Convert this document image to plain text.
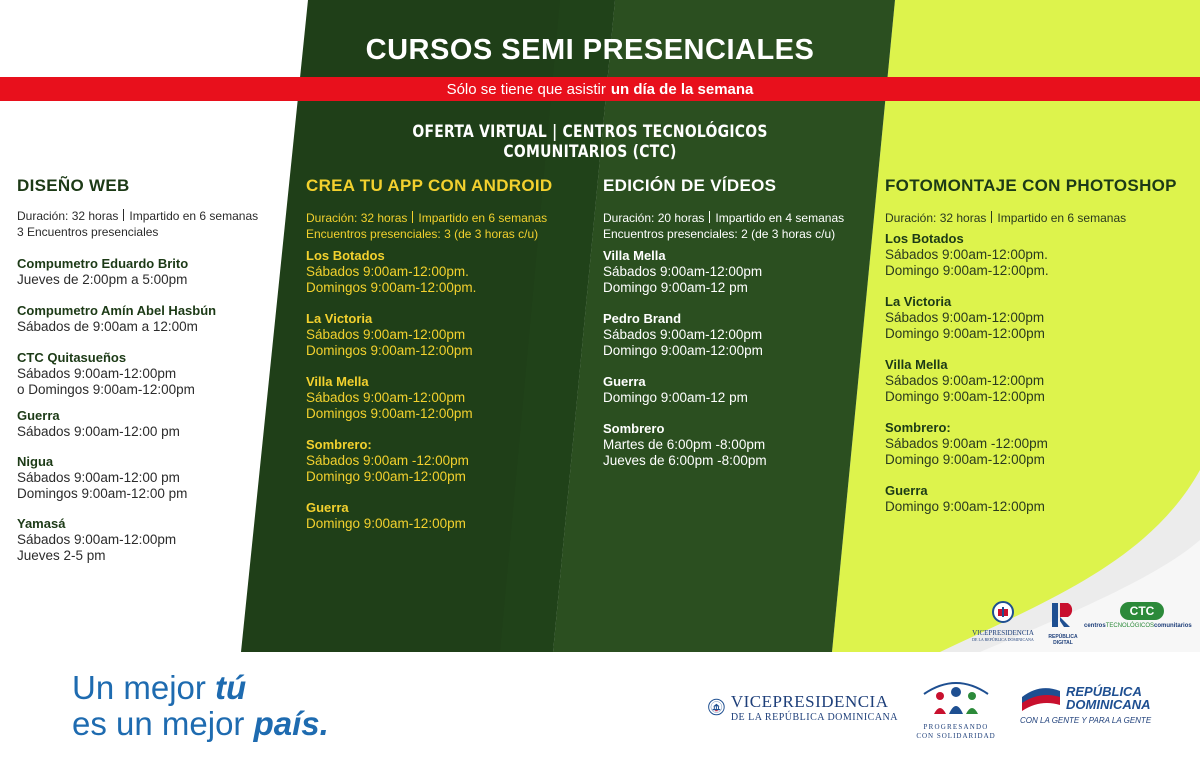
CURSOS SEMI PRESENCIALES
Sólo se tiene que asistir un día de la semana
OFERTA VIRTUAL | CENTROS TECNOLÓGICOS COMUNITARIOS (CTC)
DISEÑO WEB
Duración: 32 horas Impartido en 6 semanas
3 Encuentros presenciales
Compumetro Eduardo Brito
Jueves de 2:00pm a 5:00pm
Compumetro Amín Abel Hasbún
Sábados de 9:00am a 12:00m
CTC Quitasueños
Sábados 9:00am-12:00pm
o Domingos 9:00am-12:00pm
Guerra
Sábados 9:00am-12:00 pm
Nigua
Sábados 9:00am-12:00 pm
Domingos 9:00am-12:00 pm
Yamasá
Sábados 9:00am-12:00pm
Jueves 2-5 pm
CREA TU APP CON ANDROID
Duración: 32 horas Impartido en 6 semanas
Encuentros presenciales: 3 (de 3 horas c/u)
Los Botados
Sábados 9:00am-12:00pm.
Domingos 9:00am-12:00pm.
La Victoria
Sábados 9:00am-12:00pm
Domingos 9:00am-12:00pm
Villa Mella
Sábados 9:00am-12:00pm
Domingos 9:00am-12:00pm
Sombrero:
Sábados 9:00am -12:00pm
Domingo 9:00am-12:00pm
Guerra
Domingo 9:00am-12:00pm
EDICIÓN DE VÍDEOS
Duración: 20 horas Impartido en 4 semanas
Encuentros presenciales: 2 (de 3 horas c/u)
Villa Mella
Sábados 9:00am-12:00pm
Domingo 9:00am-12 pm
Pedro Brand
Sábados 9:00am-12:00pm
Domingo 9:00am-12:00pm
Guerra
Domingo 9:00am-12 pm
Sombrero
Martes de 6:00pm -8:00pm
Jueves de 6:00pm -8:00pm
FOTOMONTAJE CON PHOTOSHOP
Duración: 32 horas Impartido en 6 semanas
Los Botados
Sábados 9:00am-12:00pm.
Domingo 9:00am-12:00pm.
La Victoria
Sábados 9:00am-12:00pm
Domingo 9:00am-12:00pm
Villa Mella
Sábados 9:00am-12:00pm
Domingo 9:00am-12:00pm
Sombrero:
Sábados 9:00am -12:00pm
Domingo 9:00am-12:00pm
Guerra
Domingo 9:00am-12:00pm
VICEPRESIDENCIA
DE LA REPÚBLICA DOMINICANA	REPÚBLICA
DIGITAL
CTC
centrosTECNOLÓGICOScomunitarios
Un mejor tú
es un mejor país.
VICEPRESIDENCIA
DE LA REPÚBLICA DOMINICANA
PROGRESANDO
CON SOLIDARIDAD
REPÚBLICA
DOMINICANA
CON LA GENTE Y PARA LA GENTE
